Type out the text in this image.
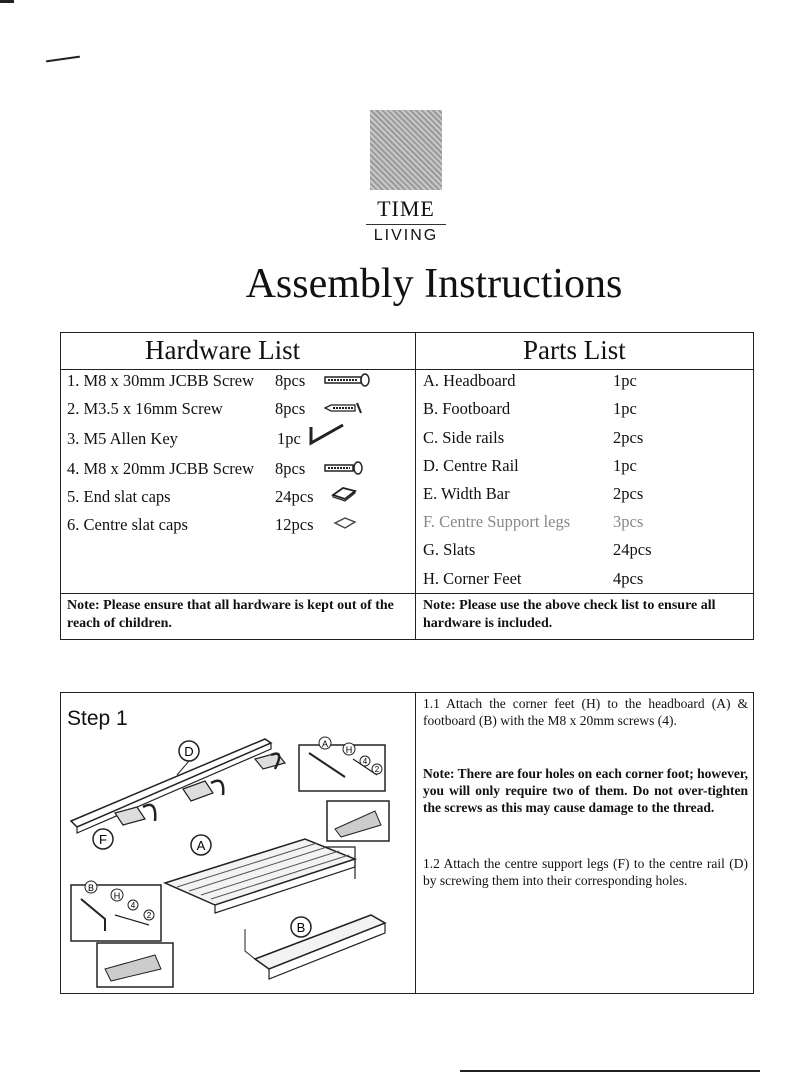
TIME
LIVING
Assembly Instructions
Hardware List	Parts List
1. M8 x 30mm JCBB Screw 8pcs
2. M3.5 x 16mm Screw	8pcs
3. M5 Allen Key	1pc
4. M8 x 20mm JCBB Screw 8pcs
5. End slat caps	24pcs
6. Centre slat caps	12pcs
A. Headboard	1pc
B. Footboard	1pc
C. Side rails	2pcs
D. Centre Rail	1pc
E. Width Bar	2pcs
F. Centre Support legs	3pcs
G. Slats	24pcs
H. Corner Feet	4pcs
Note: Please ensure that all hardware is kept out of the reach of children.
Note: Please use the above check list to ensure all hardware is included.
Step 1
D
F	A
A
H
4
2
B
H
4
2
B
1.1 Attach the corner feet (H) to the headboard (A) & footboard (B) with the M8 x 20mm screws (4).
Note: There are four holes on each corner foot; however, you will only require two of them. Do not over-tighten the screws as this may cause damage to the thread.
1.2 Attach the centre support legs (F) to the centre rail (D) by screwing them into their corresponding holes.
